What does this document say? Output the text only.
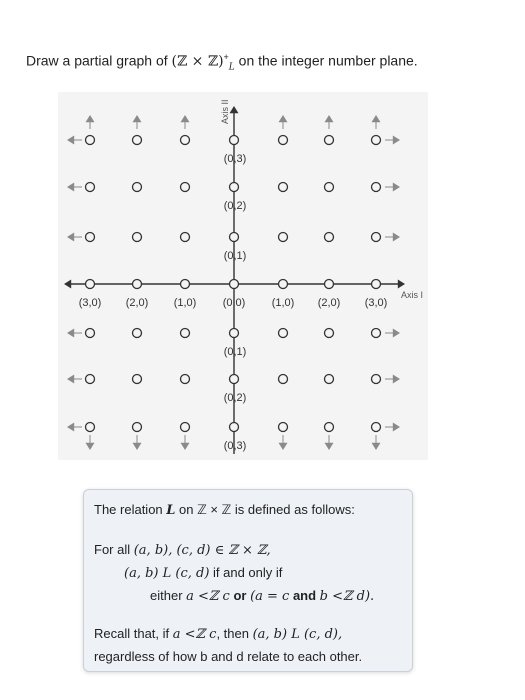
Draw a partial graph of (ℤ × $ℤ)^+_L$ on the integer number plane.
Axis I
Axis II
(3,0) (2,0) (1,0) (0,0) (1,0) (2,0) (3,0)
(0,3)
(0,2)
(0,1)
(0,1)
(0,2)
(0,3)
The relation L on ℤ × ℤ is defined as follows:
For all (a, b), (c, d) ∈ ℤ × ℤ,
(a, b) L (c, d) if and only if
either a <ℤ c or (a = c and b <ℤ d).
Recall that, if a <ℤ c, then (a, b) L (c, d),
regardless of how b and d relate to each other.
